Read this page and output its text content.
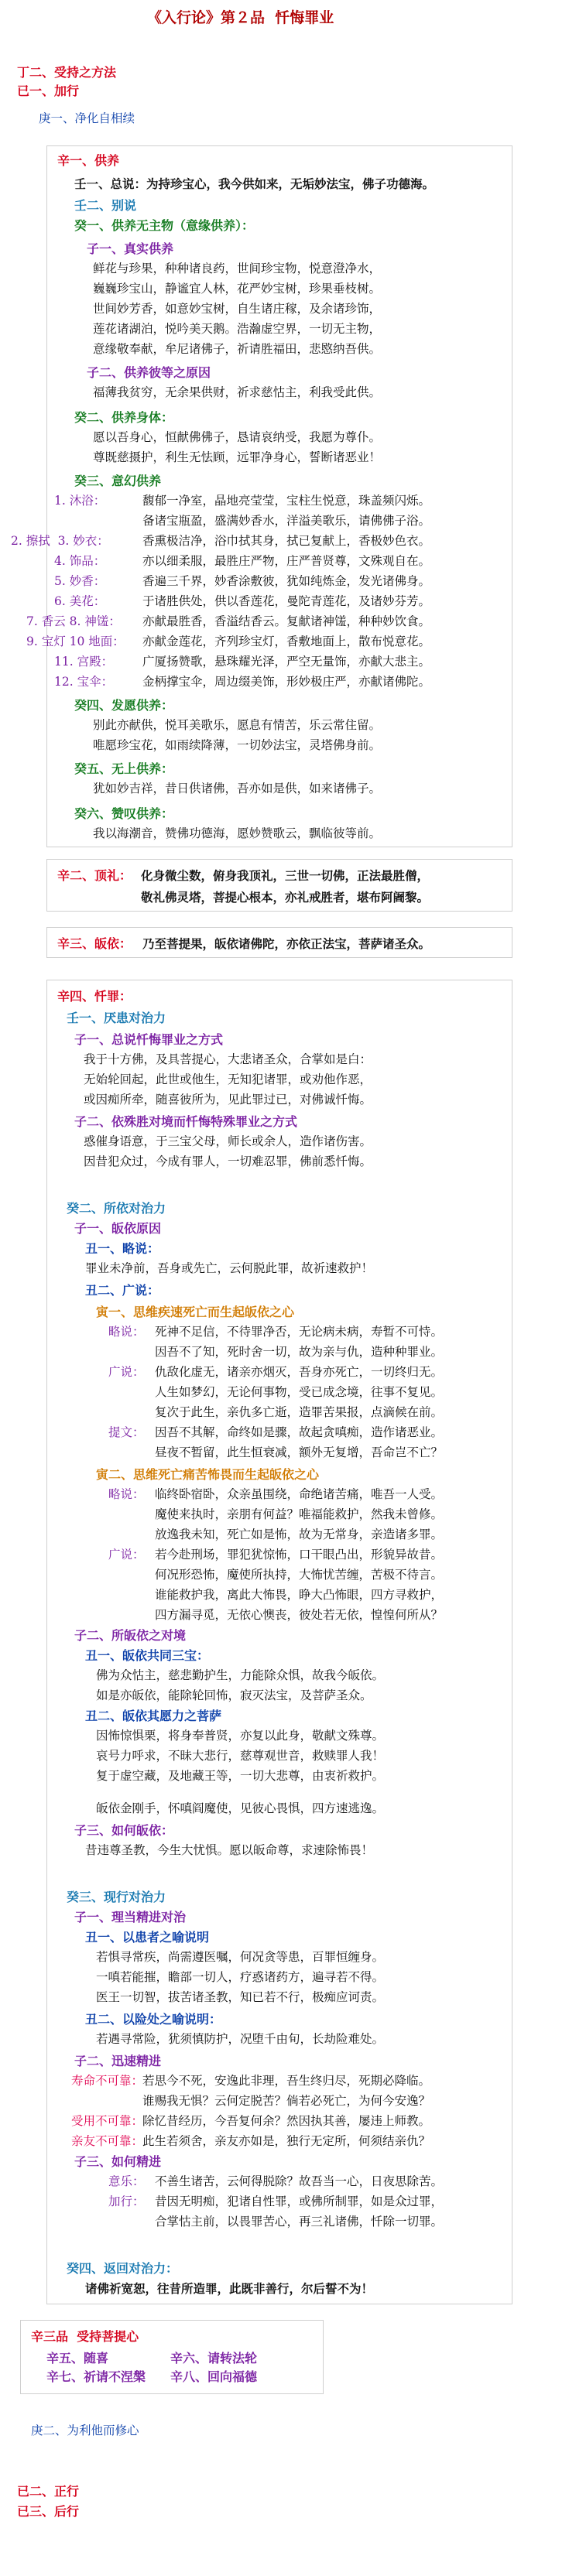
《入行论》第２品  忏悔罪业
丁二、受持之方法
已一、加行
庚一、净化自相续
辛一、供养
壬一、总说：为持珍宝心，我今供如来，无垢妙法宝，佛子功德海。
壬二、别说
癸一、供养无主物（意缘供养）：
子一、真实供养
鲜花与珍果，种种诸良药，世间珍宝物，悦意澄净水，
巍巍珍宝山，静谧宜人林，花严妙宝树，珍果垂枝树。
世间妙芳香，如意妙宝树，自生诸庄稼，及余诸珍饰，
莲花诸湖泊，悦吟美天鹅。浩瀚虚空界，一切无主物，
意缘敬奉献，牟尼诸佛子，祈请胜福田，悲愍纳吾供。
子二、供养彼等之原因
福薄我贫穷，无余果供财，祈求慈怙主，利我受此供。
癸二、供养身体：
愿以吾身心，恒献佛佛子，恳请哀纳受，我愿为尊仆。
尊既慈摄护，利生无怯顾，远罪净身心，誓断诸恶业！
癸三、意幻供养
1. 沐浴：	馥郁一净室，晶地亮莹莹，宝柱生悦意，珠盖频闪烁。
备诸宝瓶盈，盛满妙香水，洋溢美歌乐，请佛佛子浴。
2. 擦拭  3. 妙衣：	香熏极洁净，浴巾拭其身，拭已复献上，香极妙色衣。
4. 饰品：	亦以细柔服，最胜庄严物，庄严普贤尊，文殊观自在。
5. 妙香：	香遍三千界，妙香涂敷彼，犹如纯炼金，发光诸佛身。
6. 美花：	于诸胜供处，供以香莲花，曼陀青莲花，及诸妙芬芳。
7. 香云 8. 神馐： 亦献最胜香，香溢结香云。复献诸神馐，种种妙饮食。
9. 宝灯 10 地面： 亦献金莲花，齐列珍宝灯，香敷地面上，散布悦意花。
11. 宫殿： 广厦扬赞歌，悬珠耀光泽，严空无量饰，亦献大悲主。
12. 宝伞： 金柄撑宝伞，周边缀美饰，形妙极庄严，亦献诸佛陀。
癸四、发愿供养：
别此亦献供，悦耳美歌乐，愿息有情苦，乐云常住留。
唯愿珍宝花，如雨续降薄，一切妙法宝，灵塔佛身前。
癸五、无上供养：
犹如妙吉祥，昔日供诸佛，吾亦如是供，如来诸佛子。
癸六、赞叹供养：
我以海潮音，赞佛功德海，愿妙赞歌云，飘临彼等前。
辛二、顶礼： 化身微尘数，俯身我顶礼，三世一切佛，正法最胜僧，
敬礼佛灵塔，菩提心根本，亦礼戒胜者，堪布阿阇黎。
辛三、皈依： 乃至菩提果，皈依诸佛陀，亦依正法宝，菩萨诸圣众。
辛四、忏罪：
壬一、厌患对治力
子一、总说忏悔罪业之方式
我于十方佛，及具菩提心，大悲诸圣众，合掌如是白：
无始轮回起，此世或他生，无知犯诸罪，或劝他作恶，
或因痴所牵，随喜彼所为，见此罪过已，对佛诚忏悔。
子二、依殊胜对境而忏悔特殊罪业之方式
惑催身语意，于三宝父母，师长或余人，造作诸伤害。
因昔犯众过，今成有罪人，一切难忍罪，佛前悉忏悔。
癸二、所依对治力
子一、皈依原因
丑一、略说：
罪业未净前，吾身或先亡，云何脱此罪，故祈速救护！
丑二、广说：
寅一、思维疾速死亡而生起皈依之心
略说： 死神不足信，不待罪净否，无论病未病，寿暂不可恃。
因吾不了知，死时舍一切，故为亲与仇，造种种罪业。
广说： 仇敌化虚无，诸亲亦烟灭，吾身亦死亡，一切终归无。
人生如梦幻，无论何事物，受已成念境，往事不复见。
复次于此生，亲仇多亡逝，造罪苦果报，点滴候在前。
提文： 因吾不其解，命终如是骤，故起贪嗔痴，造作诸恶业。
昼夜不暂留，此生恒衰减，额外无复增，吾命岂不亡？
寅二、思维死亡痛苦怖畏而生起皈依之心
略说： 临终卧宿卧，众亲虽围绕，命绝诸苦痛，唯吾一人受。
魔使来执时，亲朋有何益？唯福能救护，然我未曾修。
放逸我未知，死亡如是怖，故为无常身，亲造诸多罪。
广说： 若今赴刑场，罪犯犹惊怖，口干眼凸出，形貌异故昔。
何况形恐怖，魔使所执持，大怖忧苦缠，苦极不待言。
谁能救护我，离此大怖畏，睁大凸怖眼，四方寻救护，
四方漏寻觅，无依心懊丧，彼处若无依，惶惶何所从？
子二、所皈依之对境
丑一、皈依共同三宝：
佛为众怙主，慈悲勤护生，力能除众惧，故我今皈依。
如是亦皈依，能除轮回怖，寂灭法宝，及菩萨圣众。
丑二、皈依其愿力之菩萨
因怖惊惧栗，将身奉普贤，亦复以此身，敬献文殊尊。
哀号力呼求，不昧大悲行，慈尊观世音，救赎罪人我！
复于虚空藏，及地藏王等，一切大悲尊，由衷祈救护。
皈依金刚手，怀嗔阎魔使，见彼心畏惧，四方速逃逸。
子三、如何皈依：
昔违尊圣教，今生大忧惧。愿以皈命尊，求速除怖畏！
癸三、现行对治力
子一、理当精进对治
丑一、以患者之喻说明
若惧寻常疾，尚需遵医嘱，何况贪等患，百罪恒缠身。
一嗔若能摧，瞻部一切人，疗惑诸药方，遍寻若不得。
医王一切智，拔苦诸圣教，知已若不行，极痴应诃责。
丑二、以险处之喻说明：
若遇寻常险，犹须慎防护，况堕千由旬，长劫险难处。
子二、迅速精进
寿命不可靠：
若思今不死，安逸此非理，吾生终归尽，死期必降临。
谁赐我无惧？云何定脱苦？倘若必死亡，为何今安逸？
受用不可靠：
除忆昔经历，今吾复何余？然因执其善，屡违上师教。
亲友不可靠：
此生若须舍，亲友亦如是，独行无定所，何须结亲仇？
子三、如何精进
意乐： 不善生诸苦，云何得脱除？故吾当一心，日夜思除苦。
加行： 昔因无明痴，犯诸自性罪，或佛所制罪，如是众过罪，
合掌怙主前，以畏罪苦心，再三礼诸佛，忏除一切罪。
癸四、返回对治力：
诸佛祈宽恕，往昔所造罪，此既非善行，尔后誓不为！
辛三品  受持菩提心
辛五、随喜	辛六、请转法轮
辛七、祈请不涅槃 辛八、回向福德
庚二、为利他而修心
已二、正行
已三、后行
